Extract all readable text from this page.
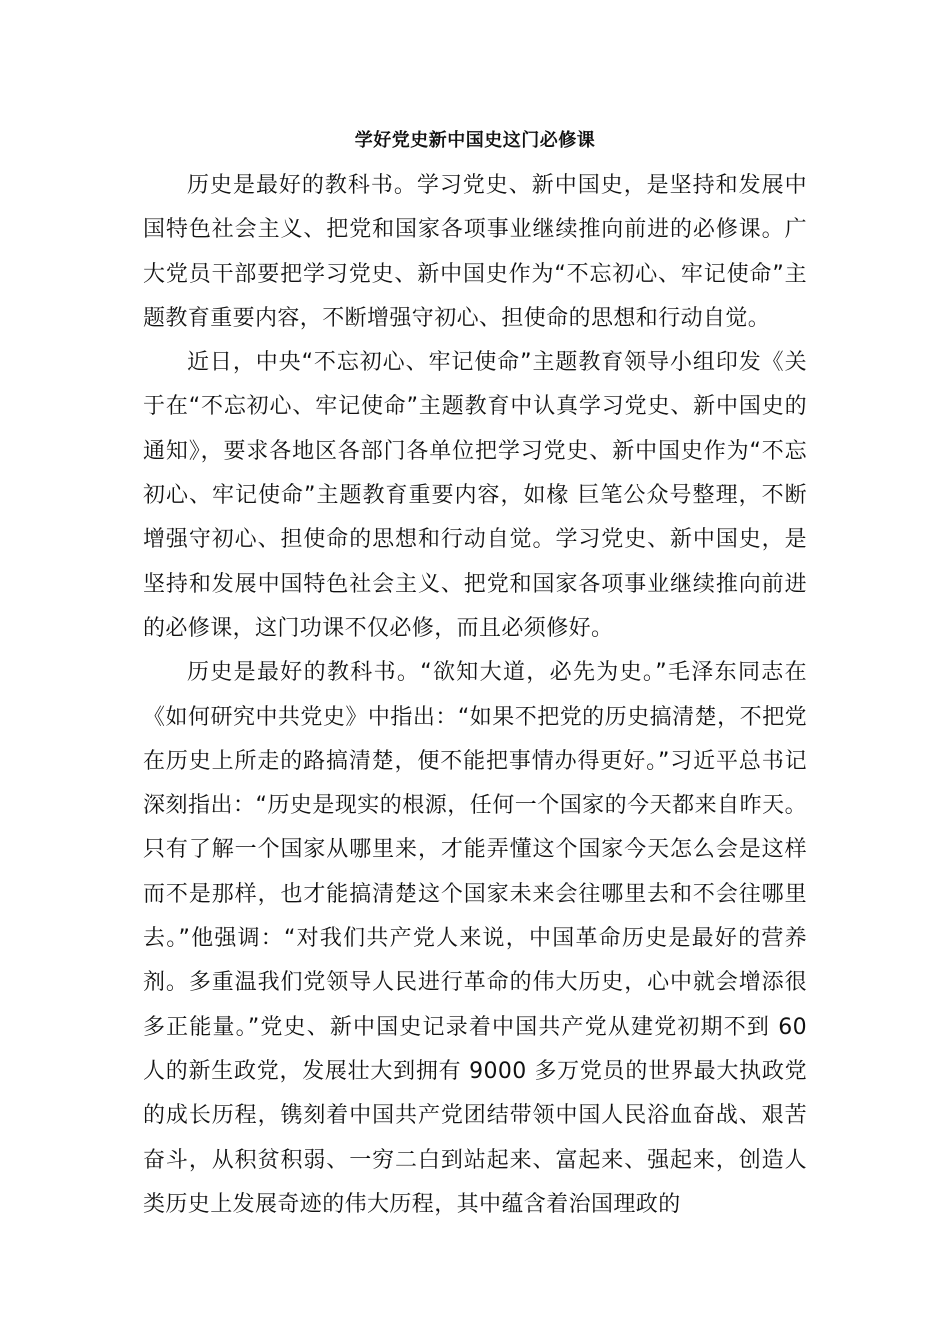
学好党史新中国史这门必修课

历史是最好的教科书。学习党史、新中国史，是坚持和发展中国特色社会主义、把党和国家各项事业继续推向前进的必修课。广大党员干部要把学习党史、新中国史作为“不忘初心、牢记使命”主题教育重要内容，不断增强守初心、担使命的思想和行动自觉。

近日，中央“不忘初心、牢记使命”主题教育领导小组印发《关于在“不忘初心、牢记使命”主题教育中认真学习党史、新中国史的通知》，要求各地区各部门各单位把学习党史、新中国史作为“不忘初心、牢记使命”主题教育重要内容，如椽 巨笔公众号整理，不断增强守初心、担使命的思想和行动自觉。学习党史、新中国史，是坚持和发展中国特色社会主义、把党和国家各项事业继续推向前进的必修课，这门功课不仅必修，而且必须修好。

历史是最好的教科书。“欲知大道，必先为史。”毛泽东同志在《如何研究中共党史》中指出：“如果不把党的历史搞清楚，不把党在历史上所走的路搞清楚，便不能把事情办得更好。”习近平总书记深刻指出：“历史是现实的根源，任何一个国家的今天都来自昨天。只有了解一个国家从哪里来，才能弄懂这个国家今天怎么会是这样而不是那样，也才能搞清楚这个国家未来会往哪里去和不会往哪里去。”他强调：“对我们共产党人来说，中国革命历史是最好的营养剂。多重温我们党领导人民进行革命的伟大历史，心中就会增添很多正能量。”党史、新中国史记录着中国共产党从建党初期不到 60 人的新生政党，发展壮大到拥有 9000 多万党员的世界最大执政党的成长历程，镌刻着中国共产党团结带领中国人民浴血奋战、艰苦奋斗，从积贫积弱、一穷二白到站起来、富起来、强起来，创造人类历史上发展奇迹的伟大历程，其中蕴含着治国理政的
